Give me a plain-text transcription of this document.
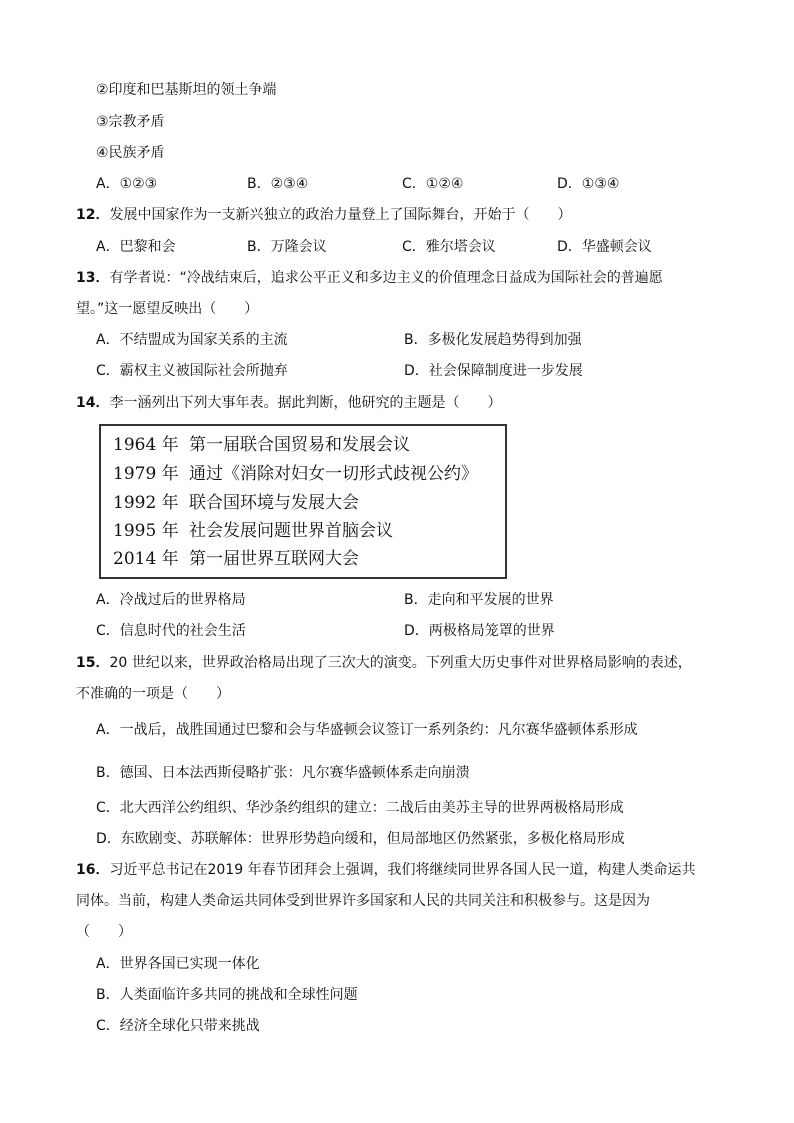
②印度和巴基斯坦的领土争端
③宗教矛盾
④民族矛盾
A．①②③	B．②③④	C．①②④	D．①③④
12．发展中国家作为一支新兴独立的政治力量登上了国际舞台，开始于（　　）
A．巴黎和会	B．万隆会议	C．雅尔塔会议	D．华盛顿会议
13．有学者说：“冷战结束后，追求公平正义和多边主义的价值理念日益成为国际社会的普遍愿
望。”这一愿望反映出（　　）
A．不结盟成为国家关系的主流	B．多极化发展趋势得到加强
C．霸权主义被国际社会所抛弃	D．社会保障制度进一步发展
14．李一涵列出下列大事年表。据此判断，他研究的主题是（　　）
1964 年 第一届联合国贸易和发展会议
1979 年 通过《消除对妇女一切形式歧视公约》
1992 年 联合国环境与发展大会
1995 年 社会发展问题世界首脑会议
2014 年 第一届世界互联网大会
A．冷战过后的世界格局	B．走向和平发展的世界
C．信息时代的社会生活	D．两极格局笼罩的世界
15．20 世纪以来，世界政治格局出现了三次大的演变。下列重大历史事件对世界格局影响的表述，
不准确的一项是（　　）
A．一战后，战胜国通过巴黎和会与华盛顿会议签订一系列条约：凡尔赛华盛顿体系形成
B．德国、日本法西斯侵略扩张：凡尔赛华盛顿体系走向崩溃
C．北大西洋公约组织、华沙条约组织的建立：二战后由美苏主导的世界两极格局形成
D．东欧剧变、苏联解体：世界形势趋向缓和，但局部地区仍然紧张，多极化格局形成
16．习近平总书记在2019 年春节团拜会上强调，我们将继续同世界各国人民一道，构建人类命运共
同体。当前，构建人类命运共同体受到世界许多国家和人民的共同关注和积极参与。这是因为
（　　）
A．世界各国已实现一体化
B．人类面临许多共同的挑战和全球性问题
C．经济全球化只带来挑战
